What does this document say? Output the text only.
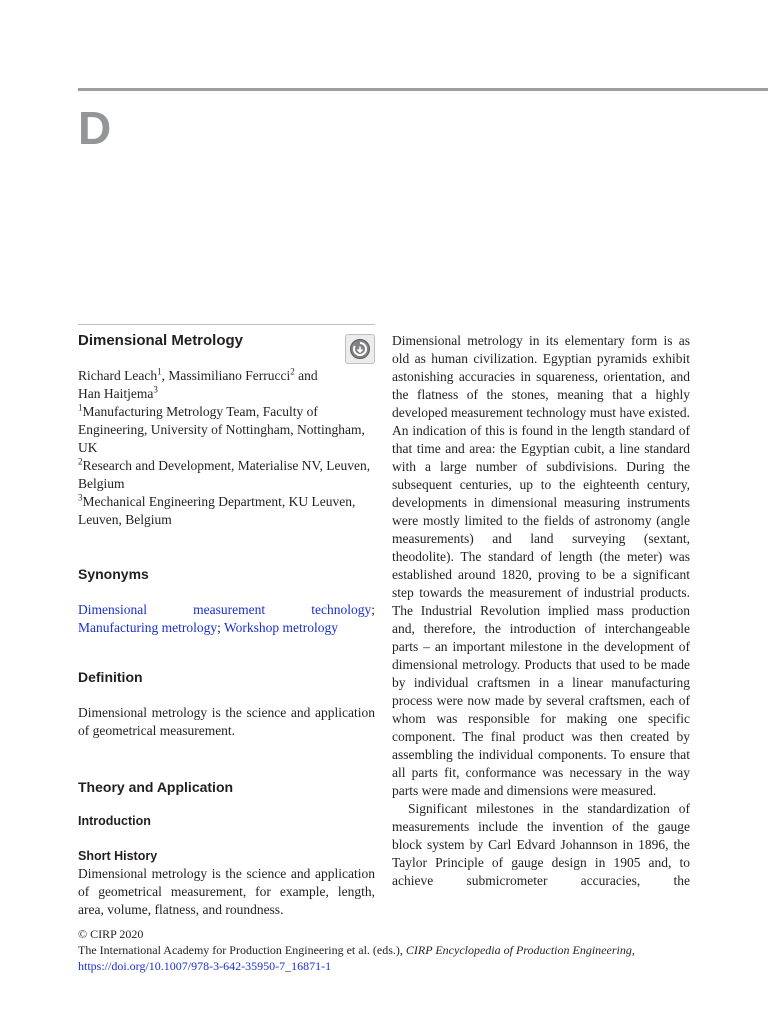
D
Dimensional Metrology

Richard Leach$^1$, Massimiliano Ferrucci$^2$ and
Han Haitjema$^3$

$^1$Manufacturing Metrology Team, Faculty of Engineering, University of Nottingham, Nottingham, UK

$^2$Research and Development, Materialise NV, Leuven, Belgium

$^3$Mechanical Engineering Department, KU Leuven, Leuven, Belgium

Synonyms

Dimensional measurement technology;

Manufacturing metrology; Workshop metrology

Definition

Dimensional metrology is the science and application of geometrical measurement.

Theory and Application
Introduction
Short History

Dimensional metrology is the science and application of geometrical measurement, for example, length, area, volume, flatness, and roundness.

Dimensional metrology in its elementary form is as old as human civilization. Egyptian pyramids exhibit astonishing accuracies in squareness, orientation, and the flatness of the stones, meaning that a highly developed measurement technology must have existed. An indication of this is found in the length standard of that time and area: the Egyptian cubit, a line standard with a large number of subdivisions. During the subsequent centuries, up to the eighteenth century, developments in dimensional measuring instruments were mostly limited to the fields of astronomy (angle measurements) and land surveying (sextant, theodolite). The standard of length (the meter) was established around 1820, proving to be a significant step towards the measurement of industrial products. The Industrial Revolution implied mass production and, therefore, the introduction of interchangeable parts – an important milestone in the development of dimensional metrology. Products that used to be made by individual craftsmen in a linear manufacturing process were now made by several craftsmen, each of whom was responsible for making one specific component. The final product was then created by assembling the individual components. To ensure that all parts fit, conformance was necessary in the way parts were made and dimensions were measured.

Significant milestones in the standardization of measurements include the invention of the gauge block system by Carl Edvard Johannson in 1896, the Taylor Principle of gauge design in 1905 and, to achieve submicrometer accuracies, the

© CIRP 2020
The International Academy for Production Engineering et al. (eds.), CIRP Encyclopedia of Production Engineering,
https://doi.org/10.1007/978-3-642-35950-7_16871-1
